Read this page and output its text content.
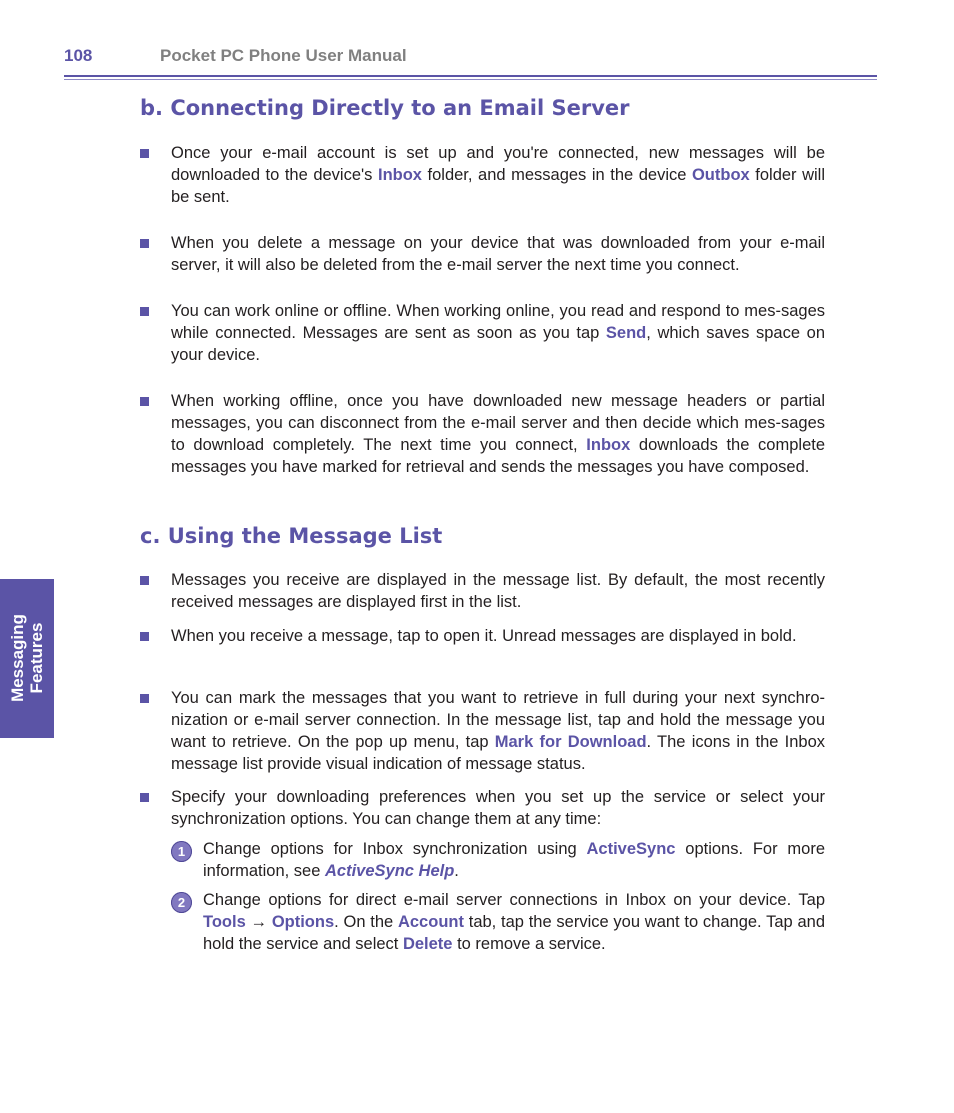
108	Pocket PC Phone User Manual
Messaging Features
b. Connecting Directly to an Email Server
Once your e-mail account is set up and you're connected, new messages will be downloaded to the device's Inbox folder, and messages in the device Outbox folder will be sent.
When you delete a message on your device that was downloaded from your e-mail server, it will also be deleted from the e-mail server the next time you connect.
You can work online or offline. When working online, you read and respond to mes-sages while connected. Messages are sent as soon as you tap Send, which saves space on your device.
When working offline, once you have downloaded new message headers or partial messages, you can disconnect from the e-mail server and then decide which mes-sages to download completely. The next time you connect, Inbox downloads the complete messages you have marked for retrieval and sends the messages you have composed.
c. Using the Message List
Messages you receive are displayed in the message list. By default, the most recently received messages are displayed first in the list.
When you receive a message, tap to open it. Unread messages are displayed in bold.
You can mark the messages that you want to retrieve in full during your next synchro-nization or e-mail server connection. In the message list, tap and hold the message you want to retrieve. On the pop up menu, tap Mark for Download. The icons in the Inbox message list provide visual indication of message status.
Specify your downloading preferences when you set up the service or select your synchronization options. You can change them at any time:
1	Change options for Inbox synchronization using ActiveSync options. For more information, see ActiveSync Help.
2	Change options for direct e-mail server connections in Inbox on your device. Tap Tools → Options. On the Account tab, tap the service you want to change. Tap and hold the service and select Delete to remove a service.
